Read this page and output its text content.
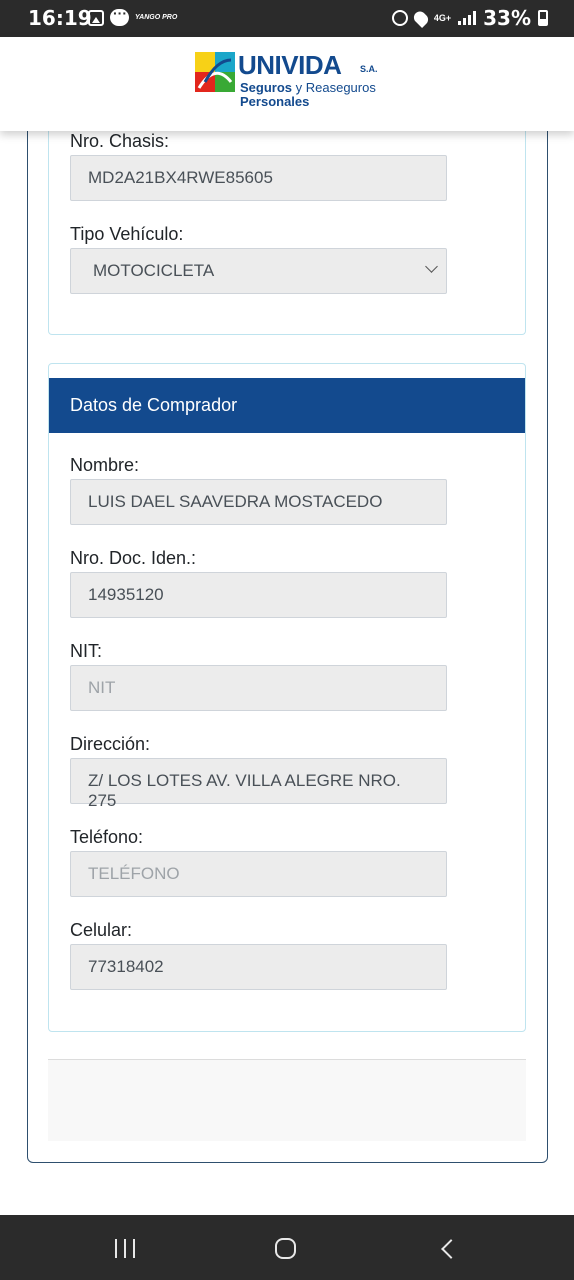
16:19
···	YANGO PRO	4G+ 33%
UNIVIDA S.A.
Seguros y Reaseguros
Personales
Nro. Chasis:
MD2A21BX4RWE85605
Tipo Vehículo:
MOTOCICLETA
Datos de Comprador
Nombre:
LUIS DAEL SAAVEDRA MOSTACEDO
Nro. Doc. Iden.:
14935120
NIT:
NIT
Dirección:
Z/ LOS LOTES AV. VILLA ALEGRE NRO. 275
Teléfono:
TELÉFONO
Celular:
77318402
